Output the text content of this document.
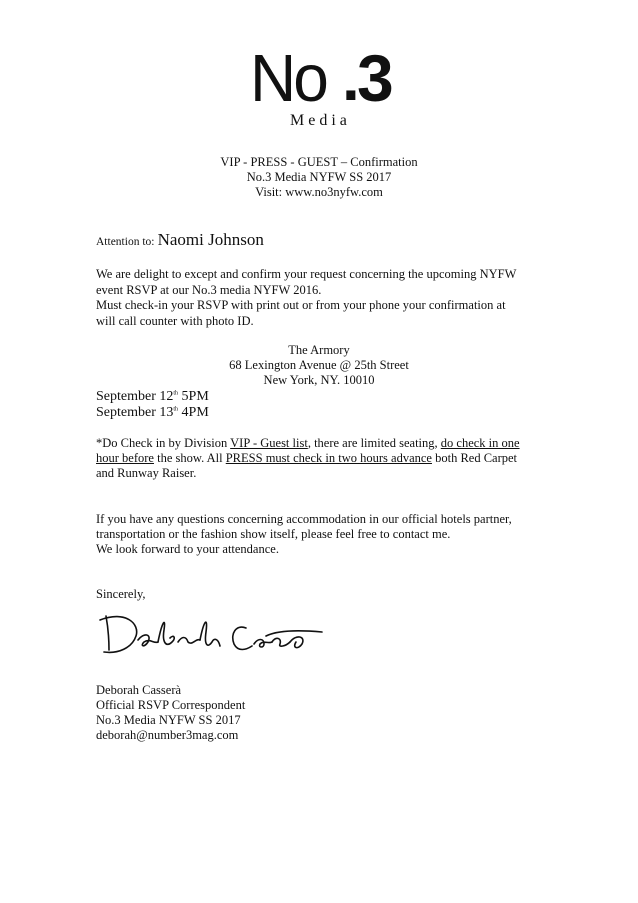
No .
3
Media
VIP - PRESS - GUEST – Confirmation
No.3 Media NYFW SS 2017
Visit: www.no3nyfw.com
Attention to: Naomi Johnson
We are delight to except and confirm your request concerning the upcoming NYFW
event RSVP at our No.3 media NYFW 2016.
Must check-in your RSVP with print out or from your phone your confirmation at
will call counter with photo ID.
The Armory
68 Lexington Avenue @ 25th Street
New York, NY. 10010
September 12th 5PM
September 13th 4PM
*Do Check in by Division VIP - Guest list, there are limited seating, do check in one
hour before the show. All PRESS must check in two hours advance both Red Carpet
and Runway Raiser.
If you have any questions concerning accommodation in our official hotels partner,
transportation or the fashion show itself, please feel free to contact me.
We look forward to your attendance.
Sincerely,
Deborah Casserà
Official RSVP Correspondent
No.3 Media NYFW SS 2017
deborah@number3mag.com
